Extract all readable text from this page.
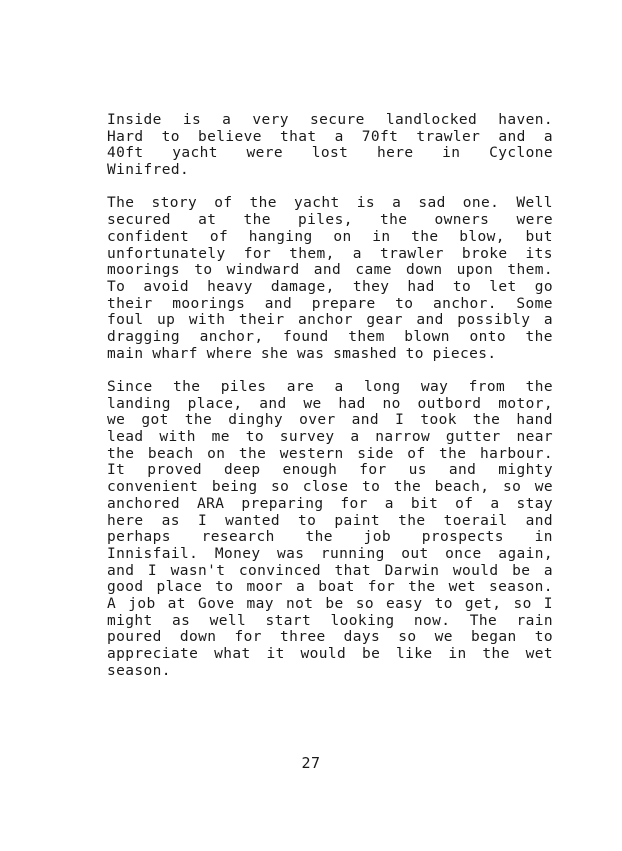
Inside is a very secure landlocked haven.
Hard to believe that a 70ft trawler and a
40ft yacht were lost here in Cyclone
Winifred.
The story of the yacht is a sad one. Well
secured at the piles, the owners were
confident of hanging on in the blow, but
unfortunately for them, a trawler broke its
moorings to windward and came down upon them.
To avoid heavy damage, they had to let go
their moorings and prepare to anchor. Some
foul up with their anchor gear and possibly a
dragging anchor, found them blown onto the
main wharf where she was smashed to pieces.
Since the piles are a long way from the
landing place, and we had no outbord motor,
we got the dinghy over and I took the hand
lead with me to survey a narrow gutter near
the beach on the western side of the harbour.
It proved deep enough for us and mighty
convenient being so close to the beach, so we
anchored ARA preparing for a bit of a stay
here as I wanted to paint the toerail and
perhaps research the job prospects in
Innisfail. Money was running out once again,
and I wasn't convinced that Darwin would be a
good place to moor a boat for the wet season.
A job at Gove may not be so easy to get, so I
might as well start looking now. The rain
poured down for three days so we began to
appreciate what it would be like in the wet
season.
27
